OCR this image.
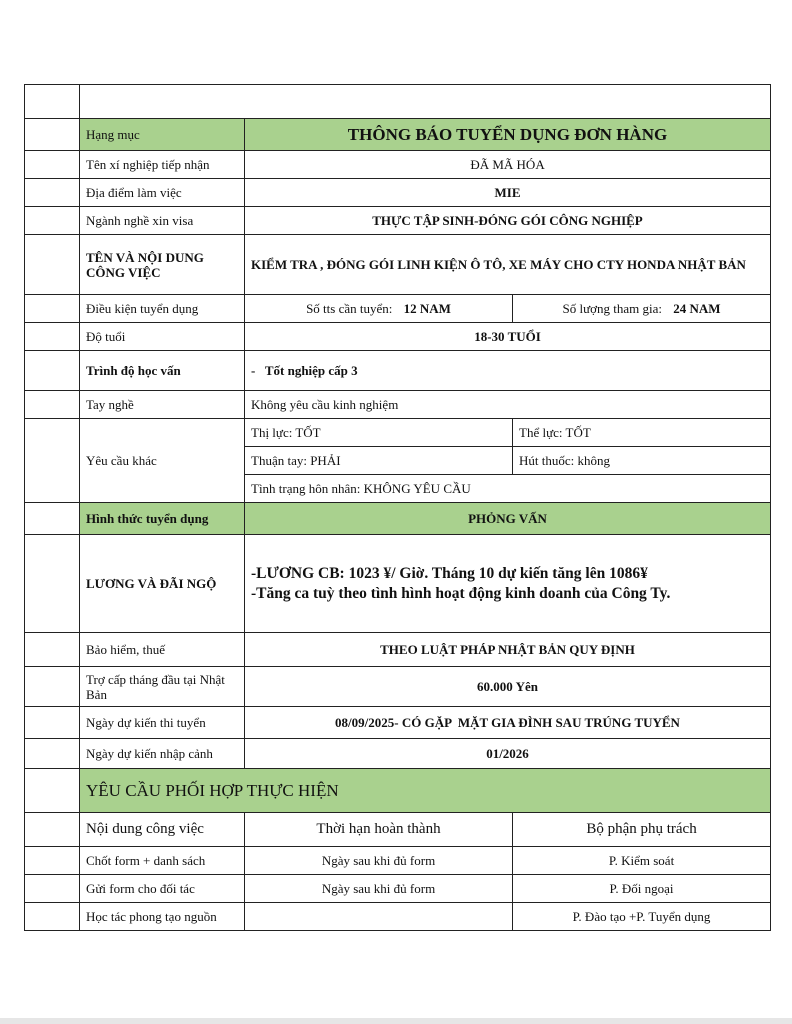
	Hạng mục	THÔNG BÁO TUYỂN DỤNG ĐƠN HÀNG	
	Tên xí nghiệp tiếp nhận	ĐÃ MÃ HÓA	
	Địa điểm làm việc	MIE	
	Ngành nghề xin visa	THỰC TẬP SINH-ĐÓNG GÓI CÔNG NGHIỆP	
	TÊN VÀ NỘI DUNG CÔNG VIỆC	KIỂM TRA , ĐÓNG GÓI LINH KIỆN Ô TÔ, XE MÁY CHO CTY HONDA NHẬT BẢN	
	Điều kiện tuyển dụng	Số tts cần tuyển: 12 NAM	Số lượng tham gia: 24 NAM
	Độ tuổi	18-30 TUỔI	
	Trình độ học vấn	-   Tốt nghiệp cấp 3	
	Tay nghề	Không yêu cầu kinh nghiệm	
	Yêu cầu khác	Thị lực: TỐT	Thể lực: TỐT
		Thuận tay: PHẢI	Hút thuốc: không
		Tình trạng hôn nhân: KHÔNG YÊU CẦU	
	Hình thức tuyển dụng	PHỎNG VẤN	
	LƯƠNG VÀ ĐÃI NGỘ	-LƯƠNG CB: 1023 ¥/ Giờ. Tháng 10 dự kiến tăng lên 1086¥
-Tăng ca tuỳ theo tình hình hoạt động kinh doanh của Công Ty.	

	Bảo hiểm, thuế	THEO LUẬT PHÁP NHẬT BẢN QUY ĐỊNH	
	Trợ cấp tháng đầu tại Nhật Bản	60.000 Yên	
	Ngày dự kiến thi tuyển	08/09/2025- CÓ GẶP  MẶT GIA ĐÌNH SAU TRÚNG TUYỂN	
	Ngày dự kiến nhập cảnh	01/2026	
	YÊU CẦU PHỐI HỢP THỰC HIỆN		
	Nội dung công việc	Thời hạn hoàn thành	Bộ phận phụ trách
	Chốt form + danh sách	Ngày sau khi đủ form	P. Kiểm soát
	Gửi form cho đối tác	Ngày sau khi đủ form	P. Đối ngoại
	Học tác phong tạo nguồn		P. Đào tạo +P. Tuyển dụng
